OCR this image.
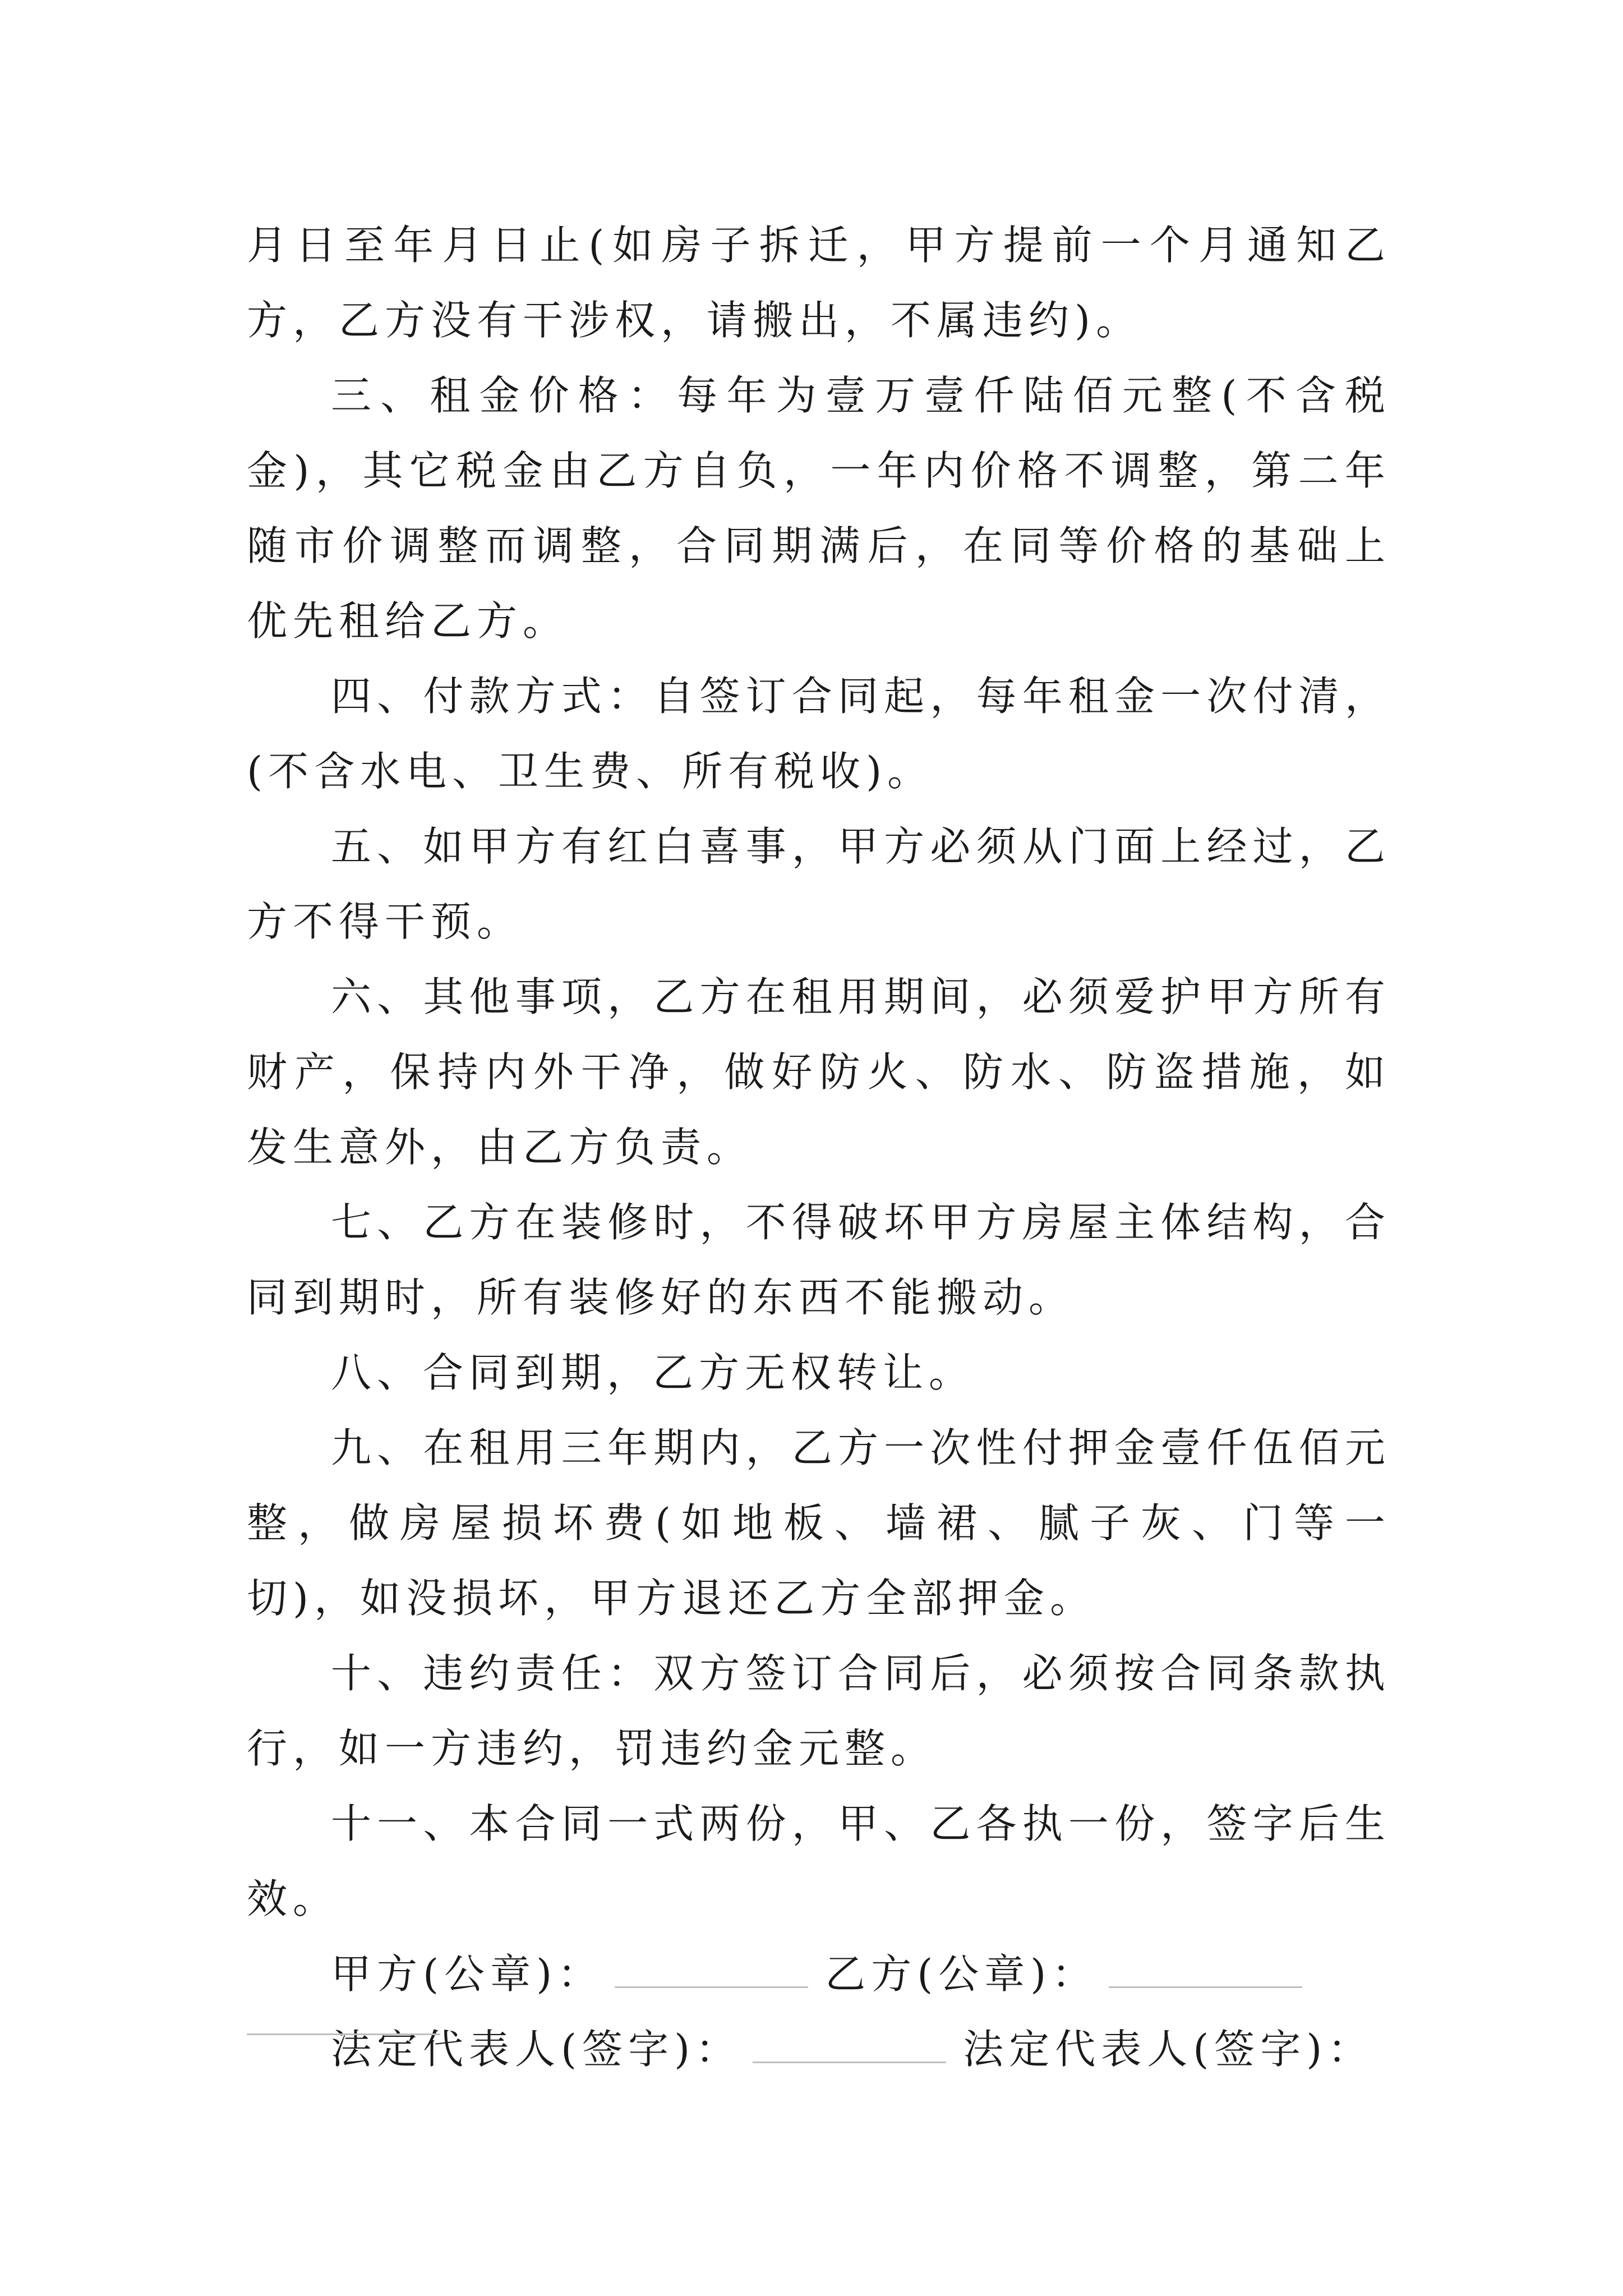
月日至年月日止(如房子拆迁，甲方提前一个月通知乙方，乙方没有干涉权，请搬出，不属违约)。

三、租金价格：每年为壹万壹仟陆佰元整(不含税金)，其它税金由乙方自负，一年内价格不调整，第二年随市价调整而调整，合同期满后，在同等价格的基础上优先租给乙方。

四、付款方式：自签订合同起，每年租金一次付清，(不含水电、卫生费、所有税收)。

五、如甲方有红白喜事，甲方必须从门面上经过，乙方不得干预。

六、其他事项，乙方在租用期间，必须爱护甲方所有财产，保持内外干净，做好防火、防水、防盗措施，如发生意外，由乙方负责。

七、乙方在装修时，不得破坏甲方房屋主体结构，合同到期时，所有装修好的东西不能搬动。

八、合同到期，乙方无权转让。

九、在租用三年期内，乙方一次性付押金壹仟伍佰元整，做房屋损坏费(如地板、墙裙、腻子灰、门等一切)，如没损坏，甲方退还乙方全部押金。

十、违约责任：双方签订合同后，必须按合同条款执行，如一方违约，罚违约金元整。

十一、本合同一式两份，甲、乙各执一份，签字后生效。

甲方(公章)：	乙方(公章)：

法定代表人(签字)：	法定代表人(签字)：
